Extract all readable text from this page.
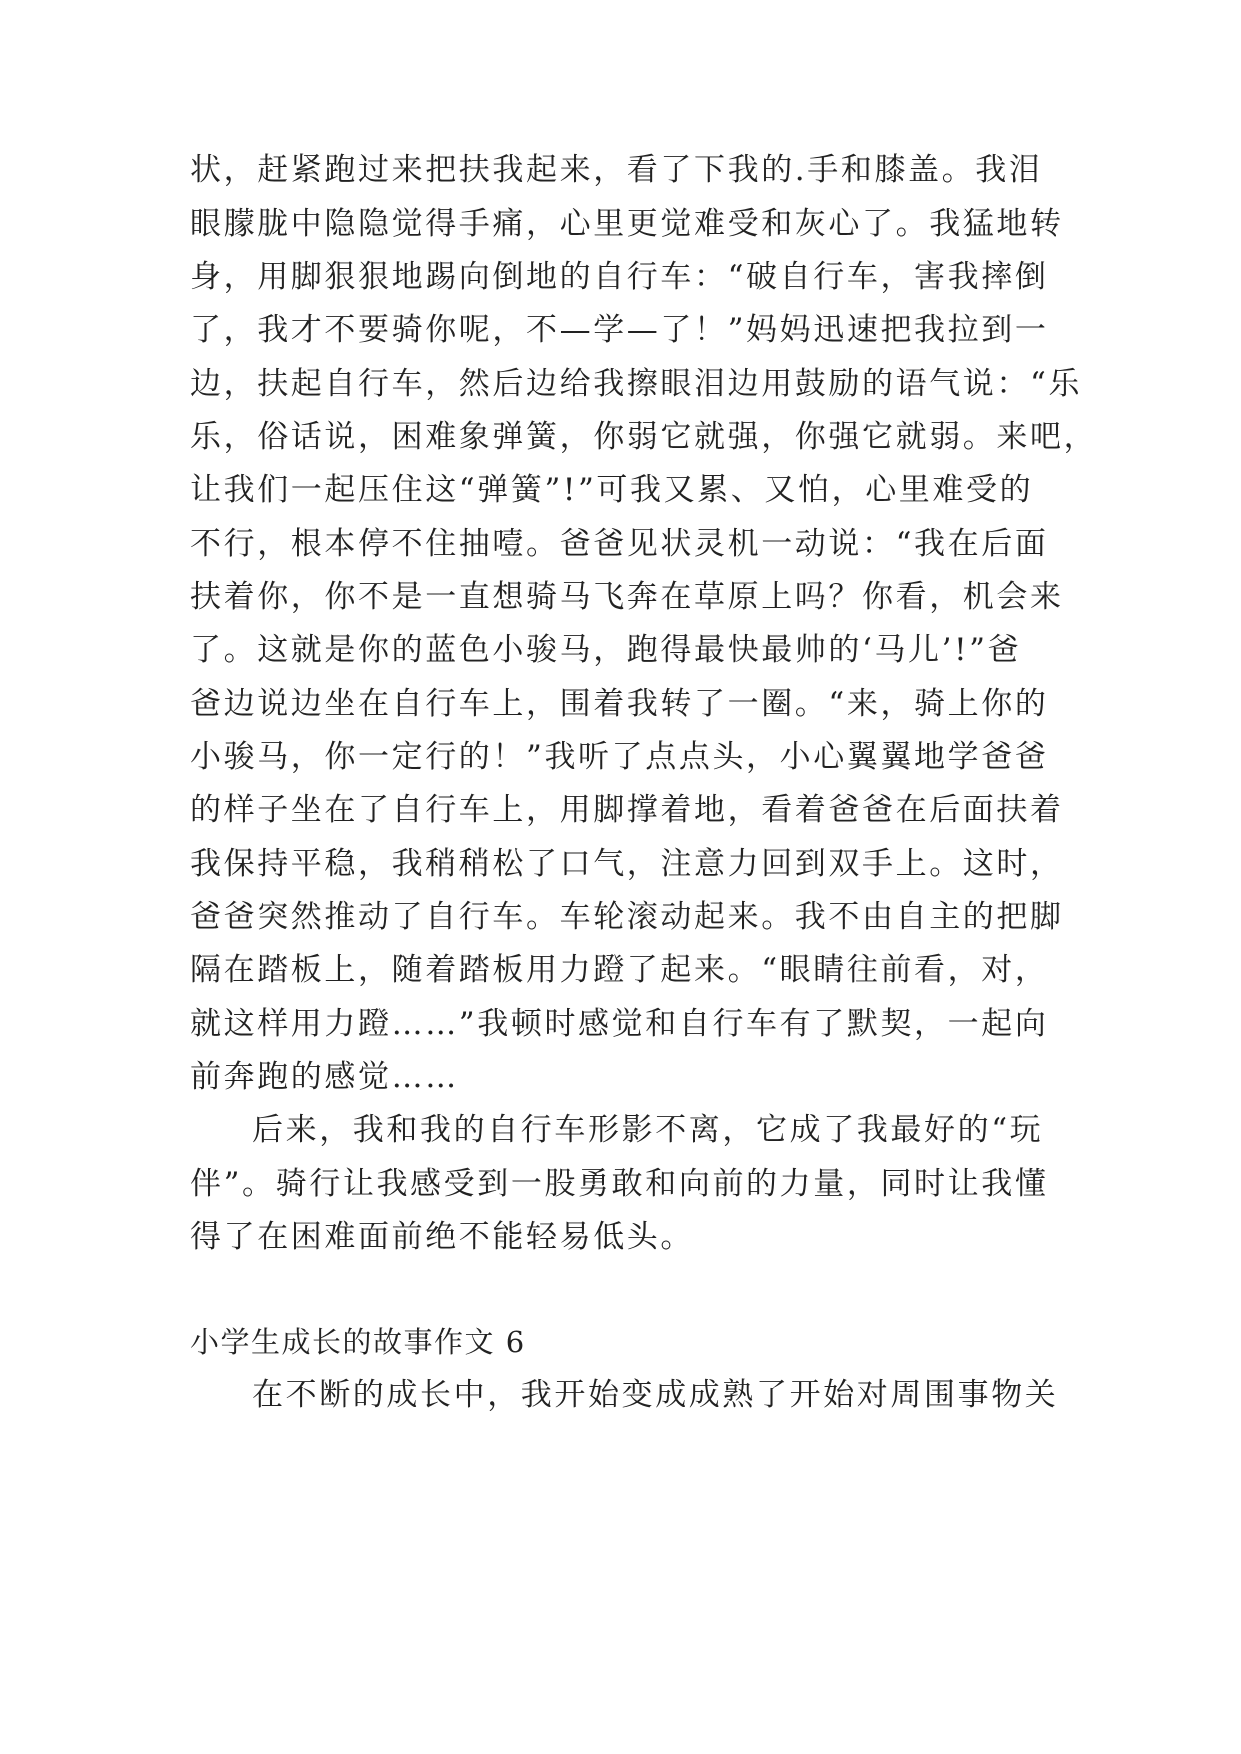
状，赶紧跑过来把扶我起来，看了下我的.手和膝盖。我泪
眼朦胧中隐隐觉得手痛，心里更觉难受和灰心了。我猛地转
身，用脚狠狠地踢向倒地的自行车：“破自行车，害我摔倒
了，我才不要骑你呢，不—学—了！”妈妈迅速把我拉到一
边，扶起自行车，然后边给我擦眼泪边用鼓励的语气说：“乐
乐，俗话说，困难象弹簧，你弱它就强，你强它就弱。来吧，
让我们一起压住这“弹簧”!”可我又累、又怕，心里难受的
不行，根本停不住抽噎。爸爸见状灵机一动说：“我在后面
扶着你，你不是一直想骑马飞奔在草原上吗？你看，机会来
了。这就是你的蓝色小骏马，跑得最快最帅的‘马儿’!”爸
爸边说边坐在自行车上，围着我转了一圈。“来，骑上你的
小骏马，你一定行的！”我听了点点头，小心翼翼地学爸爸
的样子坐在了自行车上，用脚撑着地，看着爸爸在后面扶着
我保持平稳，我稍稍松了口气，注意力回到双手上。这时，
爸爸突然推动了自行车。车轮滚动起来。我不由自主的把脚
隔在踏板上，随着踏板用力蹬了起来。“眼睛往前看，对，
就这样用力蹬……”我顿时感觉和自行车有了默契，一起向
前奔跑的感觉……
后来，我和我的自行车形影不离，它成了我最好的“玩
伴”。骑行让我感受到一股勇敢和向前的力量，同时让我懂
得了在困难面前绝不能轻易低头。
小学生成长的故事作文 6
在不断的成长中，我开始变成成熟了开始对周围事物关
